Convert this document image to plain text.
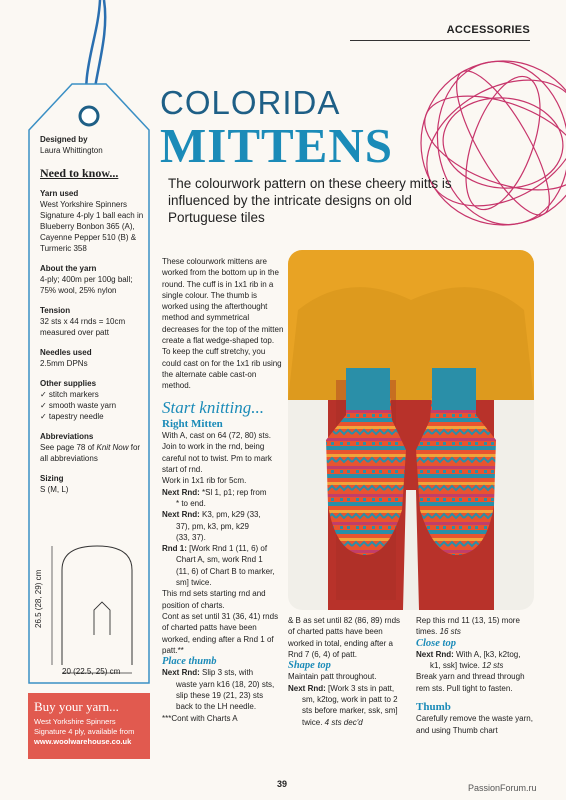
ACCESSORIES

Designed by

Laura Whittington

Need to know...

Yarn used

West Yorkshire Spinners Signature 4-ply 1 ball each in Blueberry Bonbon 365 (A), Cayenne Pepper 510 (B) & Turmeric 358

About the yarn

4-ply; 400m per 100g ball; 75% wool, 25% nylon

Tension

32 sts x 44 rnds = 10cm measured over patt

Needles used

2.5mm DPNs

Other supplies

✓ stitch markers

✓ smooth waste yarn

✓ tapestry needle

Abbreviations

See page 78 of Knit Now for all abbreviations

Sizing

S (M, L)

26.5 (28, 29) cm
20 (22.5, 25) cm
Buy your yarn...
West Yorkshire Spinners
Signature 4 ply, available from
www.woolwarehouse.co.uk
COLORIDA
MITTENS
The colourwork pattern on these cheery mitts is influenced by the intricate designs on old Portuguese tiles

These colourwork mittens are worked from the bottom up in the round. The cuff is in 1x1 rib in a single colour. The thumb is worked using the afterthought method and symmetrical decreases for the top of the mitten create a flat wedge-shaped top. To keep the cuff stretchy, you could cast on for the 1x1 rib using the alternate cable cast-on method.

Start knitting...

Right Mitten

With A, cast on 64 (72, 80) sts. Join to work in the rnd, being careful not to twist. Pm to mark start of rnd.

Work in 1x1 rib for 5cm.

Next Rnd: *Sl 1, p1; rep from

* to end.

Next Rnd: K3, pm, k29 (33,

37), pm, k3, pm, k29

(33, 37).

Rnd 1: [Work Rnd 1 (11, 6) of

Chart A, sm, work Rnd 1

(11, 6) of Chart B to marker,

sm] twice.

This rnd sets starting rnd and position of charts.

Cont as set until 31 (36, 41) rnds of charted patts have been worked, ending after a Rnd 1 of patt.**

Place thumb

Next Rnd: Slip 3 sts, with

waste yarn k16 (18, 20) sts,

slip these 19 (21, 23) sts

back to the LH needle.

***Cont with Charts A

& B as set until 82 (86, 89) rnds of charted patts have been worked in total, ending after a Rnd 7 (6, 4) of patt.

Shape top

Maintain patt throughout.

Next Rnd: [Work 3 sts in patt,

sm, k2tog, work in patt to 2

sts before marker, ssk, sm]

twice. 4 sts dec'd

Rep this rnd 11 (13, 15) more times. 16 sts

Close top

Next Rnd: With A, [k3, k2tog,

k1, ssk] twice. 12 sts

Break yarn and thread through rem sts. Pull tight to fasten.

Thumb

Carefully remove the waste yarn, and using Thumb chart

39	PassionForum.ru
